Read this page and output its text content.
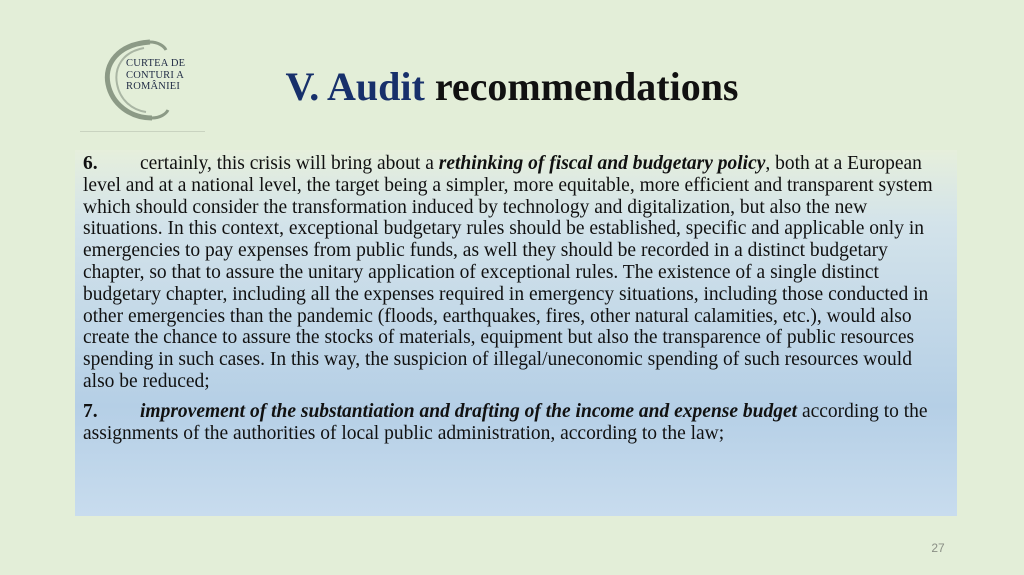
CURTEA DE
CONTURI A
ROMÂNIEI	V. Audit recommendations

6. certainly, this crisis will bring about a rethinking of fiscal and budgetary policy, both at a European level and at a national level, the target being a simpler, more equitable, more efficient and transparent system which should consider the transformation induced by technology and digitalization, but also the new situations. In this context, exceptional budgetary rules should be established, specific and applicable only in emergencies to pay expenses from public funds, as well they should be recorded in a distinct budgetary chapter, so that to assure the unitary application of exceptional rules. The existence of a single distinct budgetary chapter, including all the expenses required in emergency situations, including those conducted in other emergencies than the pandemic (floods, earthquakes, fires, other natural calamities, etc.), would also create the chance to assure the stocks of materials, equipment but also the transparence of public resources spending in such cases. In this way, the suspicion of illegal/uneconomic spending of such resources would also be reduced;

7. improvement of the substantiation and drafting of the income and expense budget according to the assignments of the authorities of local public administration, according to the law;

27
